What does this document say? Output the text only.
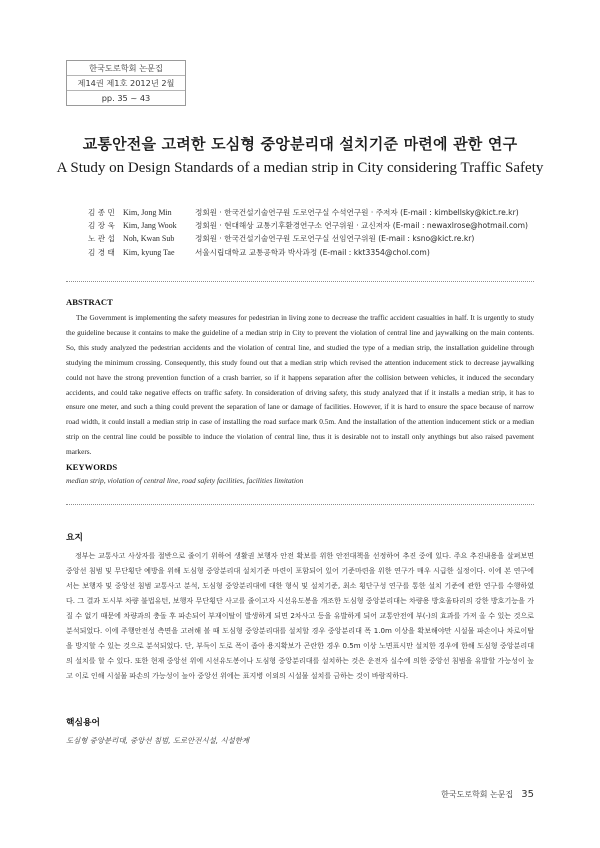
한국도로학회 논문집
제14권 제1호 2012년 2월
pp. 35 ~ 43
교통안전을 고려한 도심형 중앙분리대 설치기준 마련에 관한 연구
A Study on Design Standards of a median strip in City considering Traffic Safety
김 종 민	Kim, Jong Min	정회원 · 한국건설기술연구원 도로연구실 수석연구원 · 주저자 (E-mail : kimbellsky@kict.re.kr)
김 장 욱	Kim, Jang Wook	정회원 · 현대해상 교통기후환경연구소 연구위원 · 교신저자 (E-mail : newaxlrose@hotmail.com)
노 관 섭	Noh, Kwan Sub	정회원 · 한국건설기술연구원 도로연구실 선임연구위원 (E-mail : ksno@kict.re.kr)
김 경 태	Kim, kyung Tae	서울시립대학교 교통공학과 박사과정 (E-mail : kkt3354@chol.com)
ABSTRACT

The Government is implementing the safety measures for pedestrian in living zone to decrease the traffic accident casualties in half. It is urgently to study the guideline because it contains to make the guideline of a median strip in City to prevent the violation of central line and jaywalking on the main contents. So, this study analyzed the pedestrian accidents and the violation of central line, and studied the type of a median strip, the installation guideline through studying the minimum crossing. Consequently, this study found out that a median strip which revised the attention inducement stick to decrease jaywalking could not have the strong prevention function of a crash barrier, so if it happens separation after the collision between vehicles, it induced the secondary accidents, and could take negative effects on traffic safety. In consideration of driving safety, this study analyzed that if it installs a median strip, it has to ensure one meter, and such a thing could prevent the separation of lane or damage of facilities. However, if it is hard to ensure the space because of narrow road width, it could install a median strip in case of installing the road surface mark 0.5m. And the installation of the attention inducement stick or a median strip on the central line could be possible to induce the violation of central line, thus it is desirable not to install only anythings but also raised pavement markers.

KEYWORDS
median strip, violation of central line, road safety facilities, facilities limitation
요지

정부는 교통사고 사상자를 절반으로 줄이기 위하여 생활권 보행자 안전 확보를 위한 안전대책을 선정하여 추진 중에 있다. 주요 추진내용을 살펴보면 중앙선 침범 및 무단횡단 예방을 위해 도심형 중앙분리대 설치기준 마련이 포함되어 있어 기준마련을 위한 연구가 매우 시급한 실정이다. 이에 본 연구에서는 보행자 및 중앙선 침범 교통사고 분석, 도심형 중앙분리대에 대한 형식 및 설치기준, 최소 횡단구성 연구를 통한 설치 기준에 관한 연구를 수행하였다. 그 결과 도시부 차량 불법유턴, 보행자 무단횡단 사고를 줄이고자 시선유도봉을 개조한 도심형 중앙분리대는 차량용 방호울타리의 강한 방호기능을 가질 수 없기 때문에 차량과의 충돌 후 파손되어 부재이탈이 발생하게 되면 2차사고 등을 유발하게 되어 교통안전에 부(-)의 효과를 가져 올 수 있는 것으로 분석되었다. 이에 주행안전성 측면을 고려해 볼 때 도심형 중앙분리대를 설치할 경우 중앙분리대 폭 1.0m 이상을 확보해야만 시설물 파손이나 차로이탈을 방지할 수 있는 것으로 분석되었다. 단, 부득이 도로 폭이 좁아 용지확보가 곤란한 경우 0.5m 이상 노면표시만 설치한 경우에 한해 도심형 중앙분리대의 설치를 할 수 있다. 또한 현재 중앙선 위에 시선유도봉이나 도심형 중앙분리대를 설치하는 것은 운전자 실수에 의한 중앙선 침범을 유발할 가능성이 높고 이로 인해 시설물 파손의 가능성이 높아 중앙선 위에는 표지병 이외의 시설물 설치를 금하는 것이 바람직하다.

핵심용어
도심형 중앙분리대, 중앙선 침범, 도로안전시설, 시설한계
한국도로학회 논문집 35
